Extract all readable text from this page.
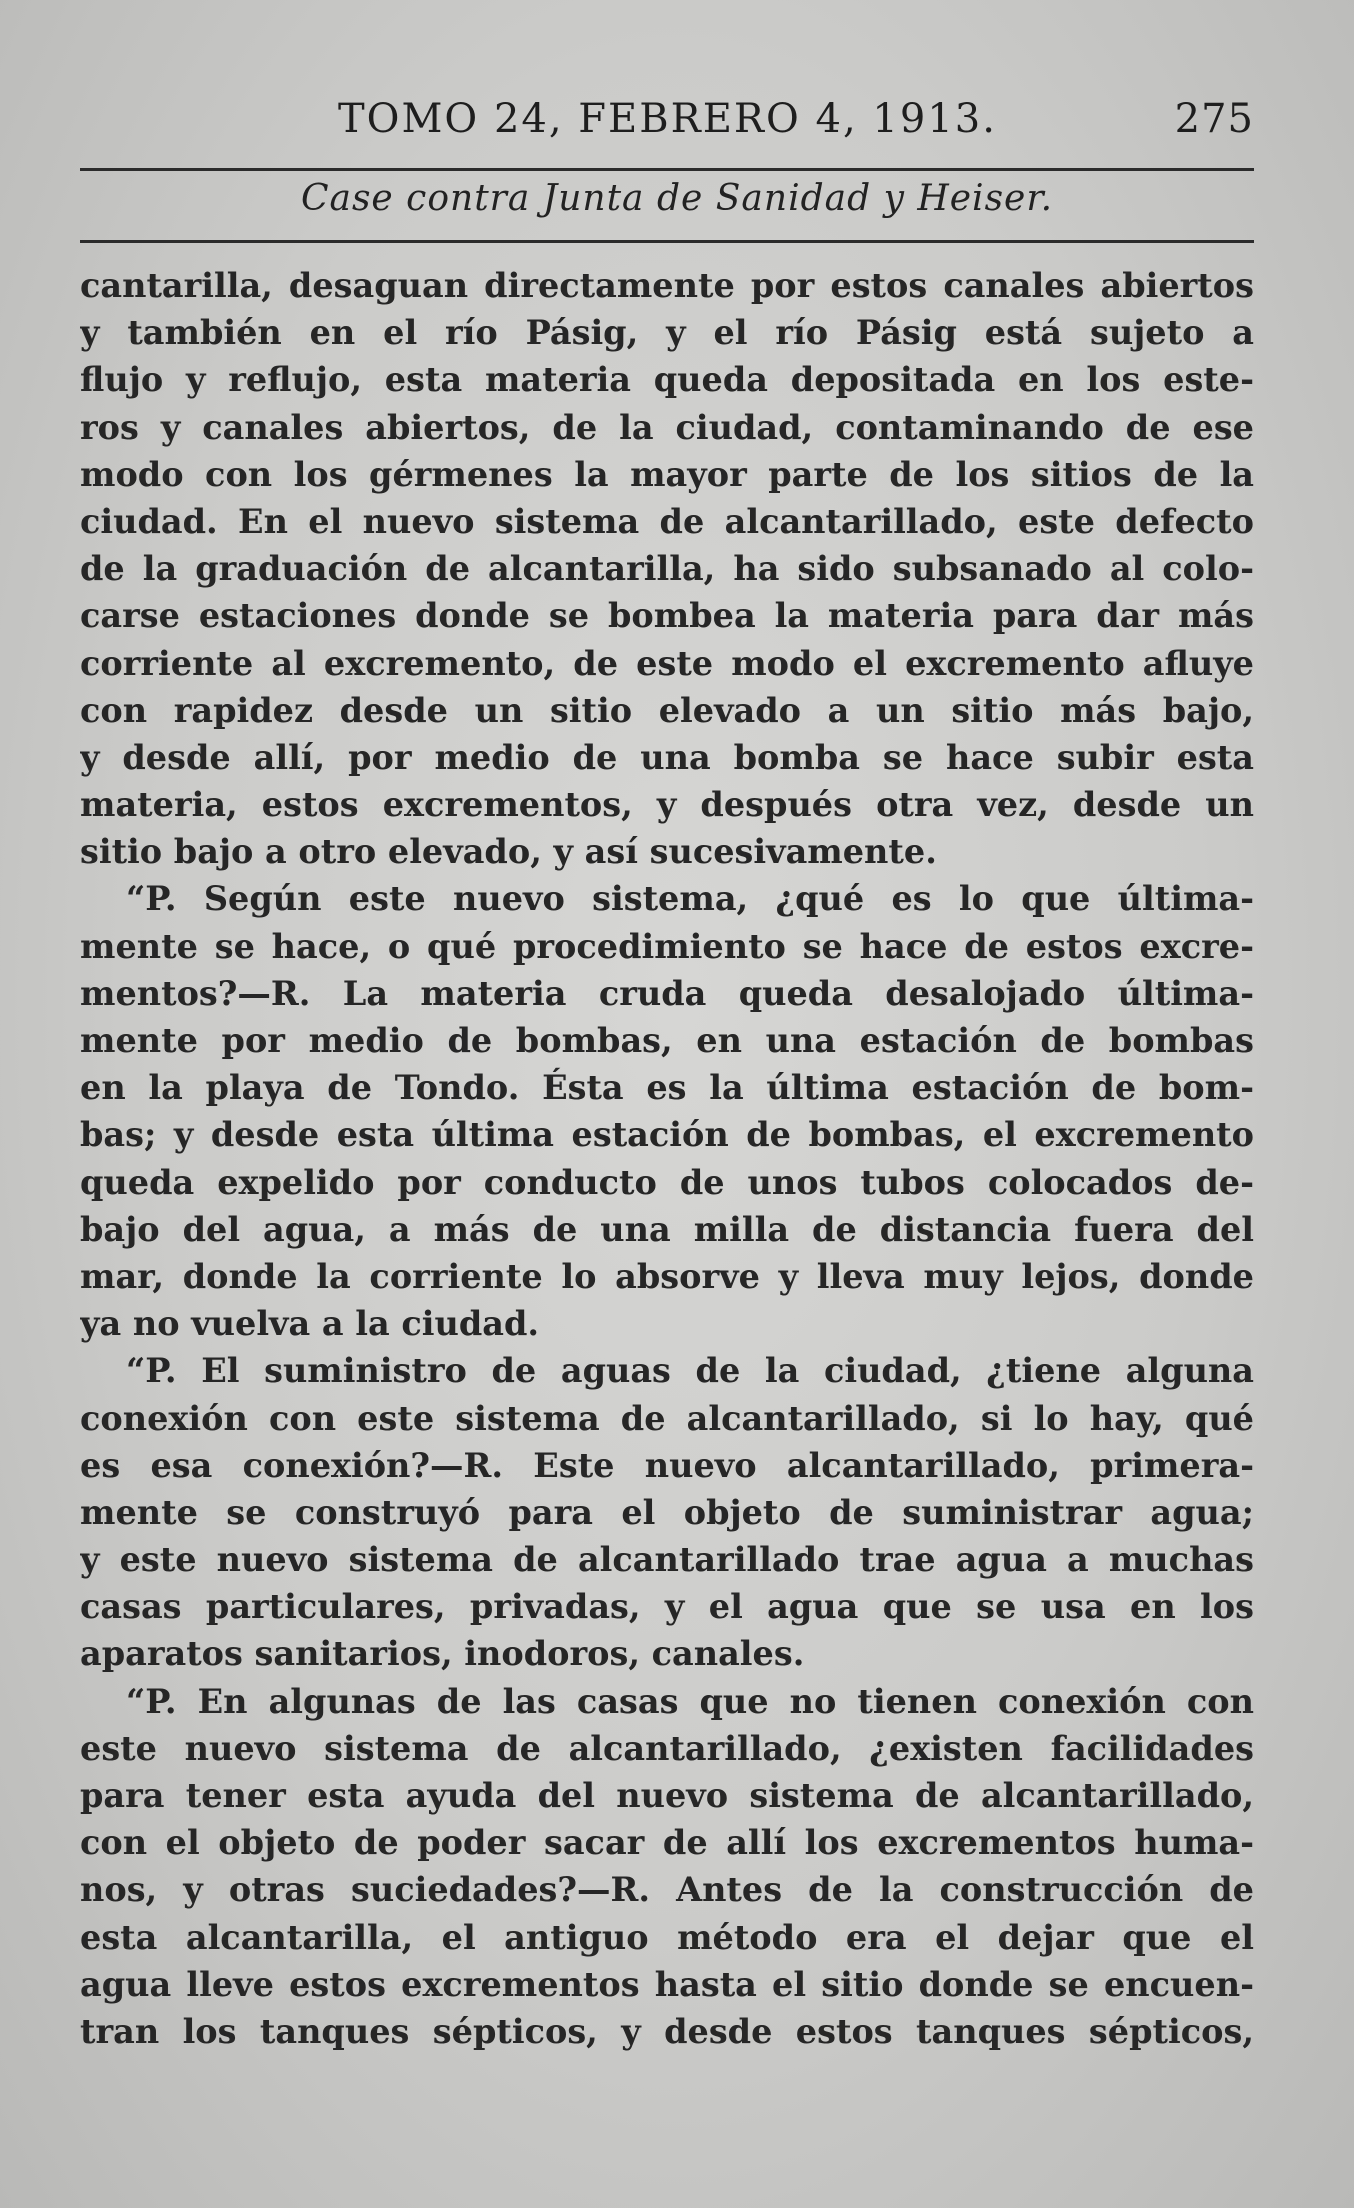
TOMO 24, FEBRERO 4, 1913.	275
Case contra Junta de Sanidad y Heiser.
cantarilla, desaguan directamente por estos canales abiertos
y también en el río Pásig, y el río Pásig está sujeto a
flujo y reflujo, esta materia queda depositada en los este-
ros y canales abiertos, de la ciudad, contaminando de ese
modo con los gérmenes la mayor parte de los sitios de la
ciudad. En el nuevo sistema de alcantarillado, este defecto
de la graduación de alcantarilla, ha sido subsanado al colo-
carse estaciones donde se bombea la materia para dar más
corriente al excremento, de este modo el excremento afluye
con rapidez desde un sitio elevado a un sitio más bajo,
y desde allí, por medio de una bomba se hace subir esta
materia, estos excrementos, y después otra vez, desde un
sitio bajo a otro elevado, y así sucesivamente.
“P. Según este nuevo sistema, ¿qué es lo que últimа-
mente se hace, o qué procedimiento se hace de estos excre-
mentos?—R. La materia cruda queda desalojado últimа-
mente por medio de bombas, en una estación de bombas
en la playa de Tondo. Ésta es la última estación de bom-
bas; y desde esta última estación de bombas, el excremento
queda expelido por conducto de unos tubos colocados de-
bajo del agua, a más de una milla de distancia fuera del
mar, donde la corriente lo absorve y lleva muy lejos, donde
ya no vuelva a la ciudad.
“P. El suministro de aguas de la ciudad, ¿tiene alguna
conexión con este sistema de alcantarillado, si lo hay, qué
es esa conexión?—R. Este nuevo alcantarillado, primera-
mente se construyó para el objeto de suministrar agua;
y este nuevo sistema de alcantarillado trae agua a muchas
casas particulares, privadas, y el agua que se usa en los
aparatos sanitarios, inodoros, canales.
“P. En algunas de las casas que no tienen conexión con
este nuevo sistema de alcantarillado, ¿existen facilidades
para tener esta ayuda del nuevo sistema de alcantarillado,
con el objeto de poder sacar de allí los excrementos huma-
nos, y otras suciedades?—R. Antes de la construcción de
esta alcantarilla, el antiguo método era el dejar que el
agua lleve estos excrementos hasta el sitio donde se encuen-
tran los tanques sépticos, y desde estos tanques sépticos,
